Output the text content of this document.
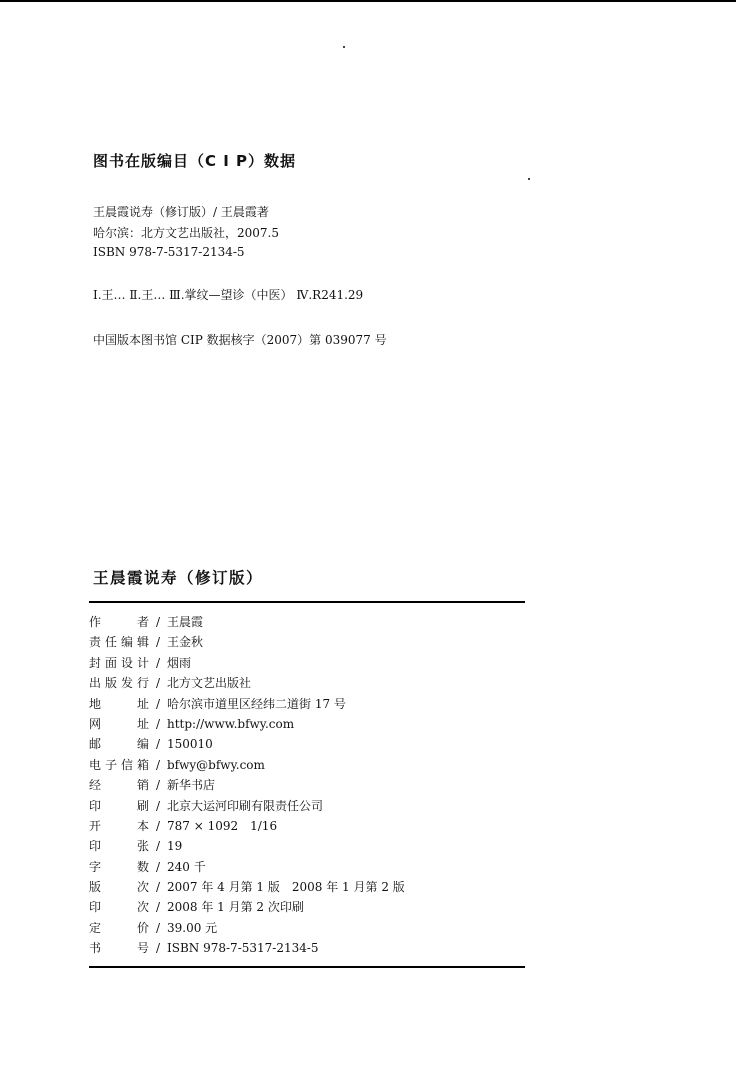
图书在版编目（C I P）数据
王晨霞说寿（修订版）/ 王晨霞著
哈尔滨：北方文艺出版社，2007.5
ISBN 978-7-5317-2134-5
Ⅰ.王… Ⅱ.王… Ⅲ.掌纹—望诊（中医） Ⅳ.R241.29
中国版本图书馆 CIP 数据核字（2007）第 039077 号
王晨霞说寿（修订版）
作　　者 / 王晨霞
责任编辑 / 王金秋
封面设计 / 烟雨
出版发行 / 北方文艺出版社
地　　址 / 哈尔滨市道里区经纬二道街 17 号
网　　址 / http://www.bfwy.com
邮　　编 / 150010
电子信箱 / bfwy@bfwy.com
经　　销 / 新华书店
印　　刷 / 北京大运河印刷有限责任公司
开　　本 / 787 × 1092　1/16
印　　张 / 19
字　　数 / 240 千
版　　次 / 2007 年 4 月第 1 版　2008 年 1 月第 2 版
印　　次 / 2008 年 1 月第 2 次印刷
定　　价 / 39.00 元
书　　号 / ISBN 978-7-5317-2134-5
